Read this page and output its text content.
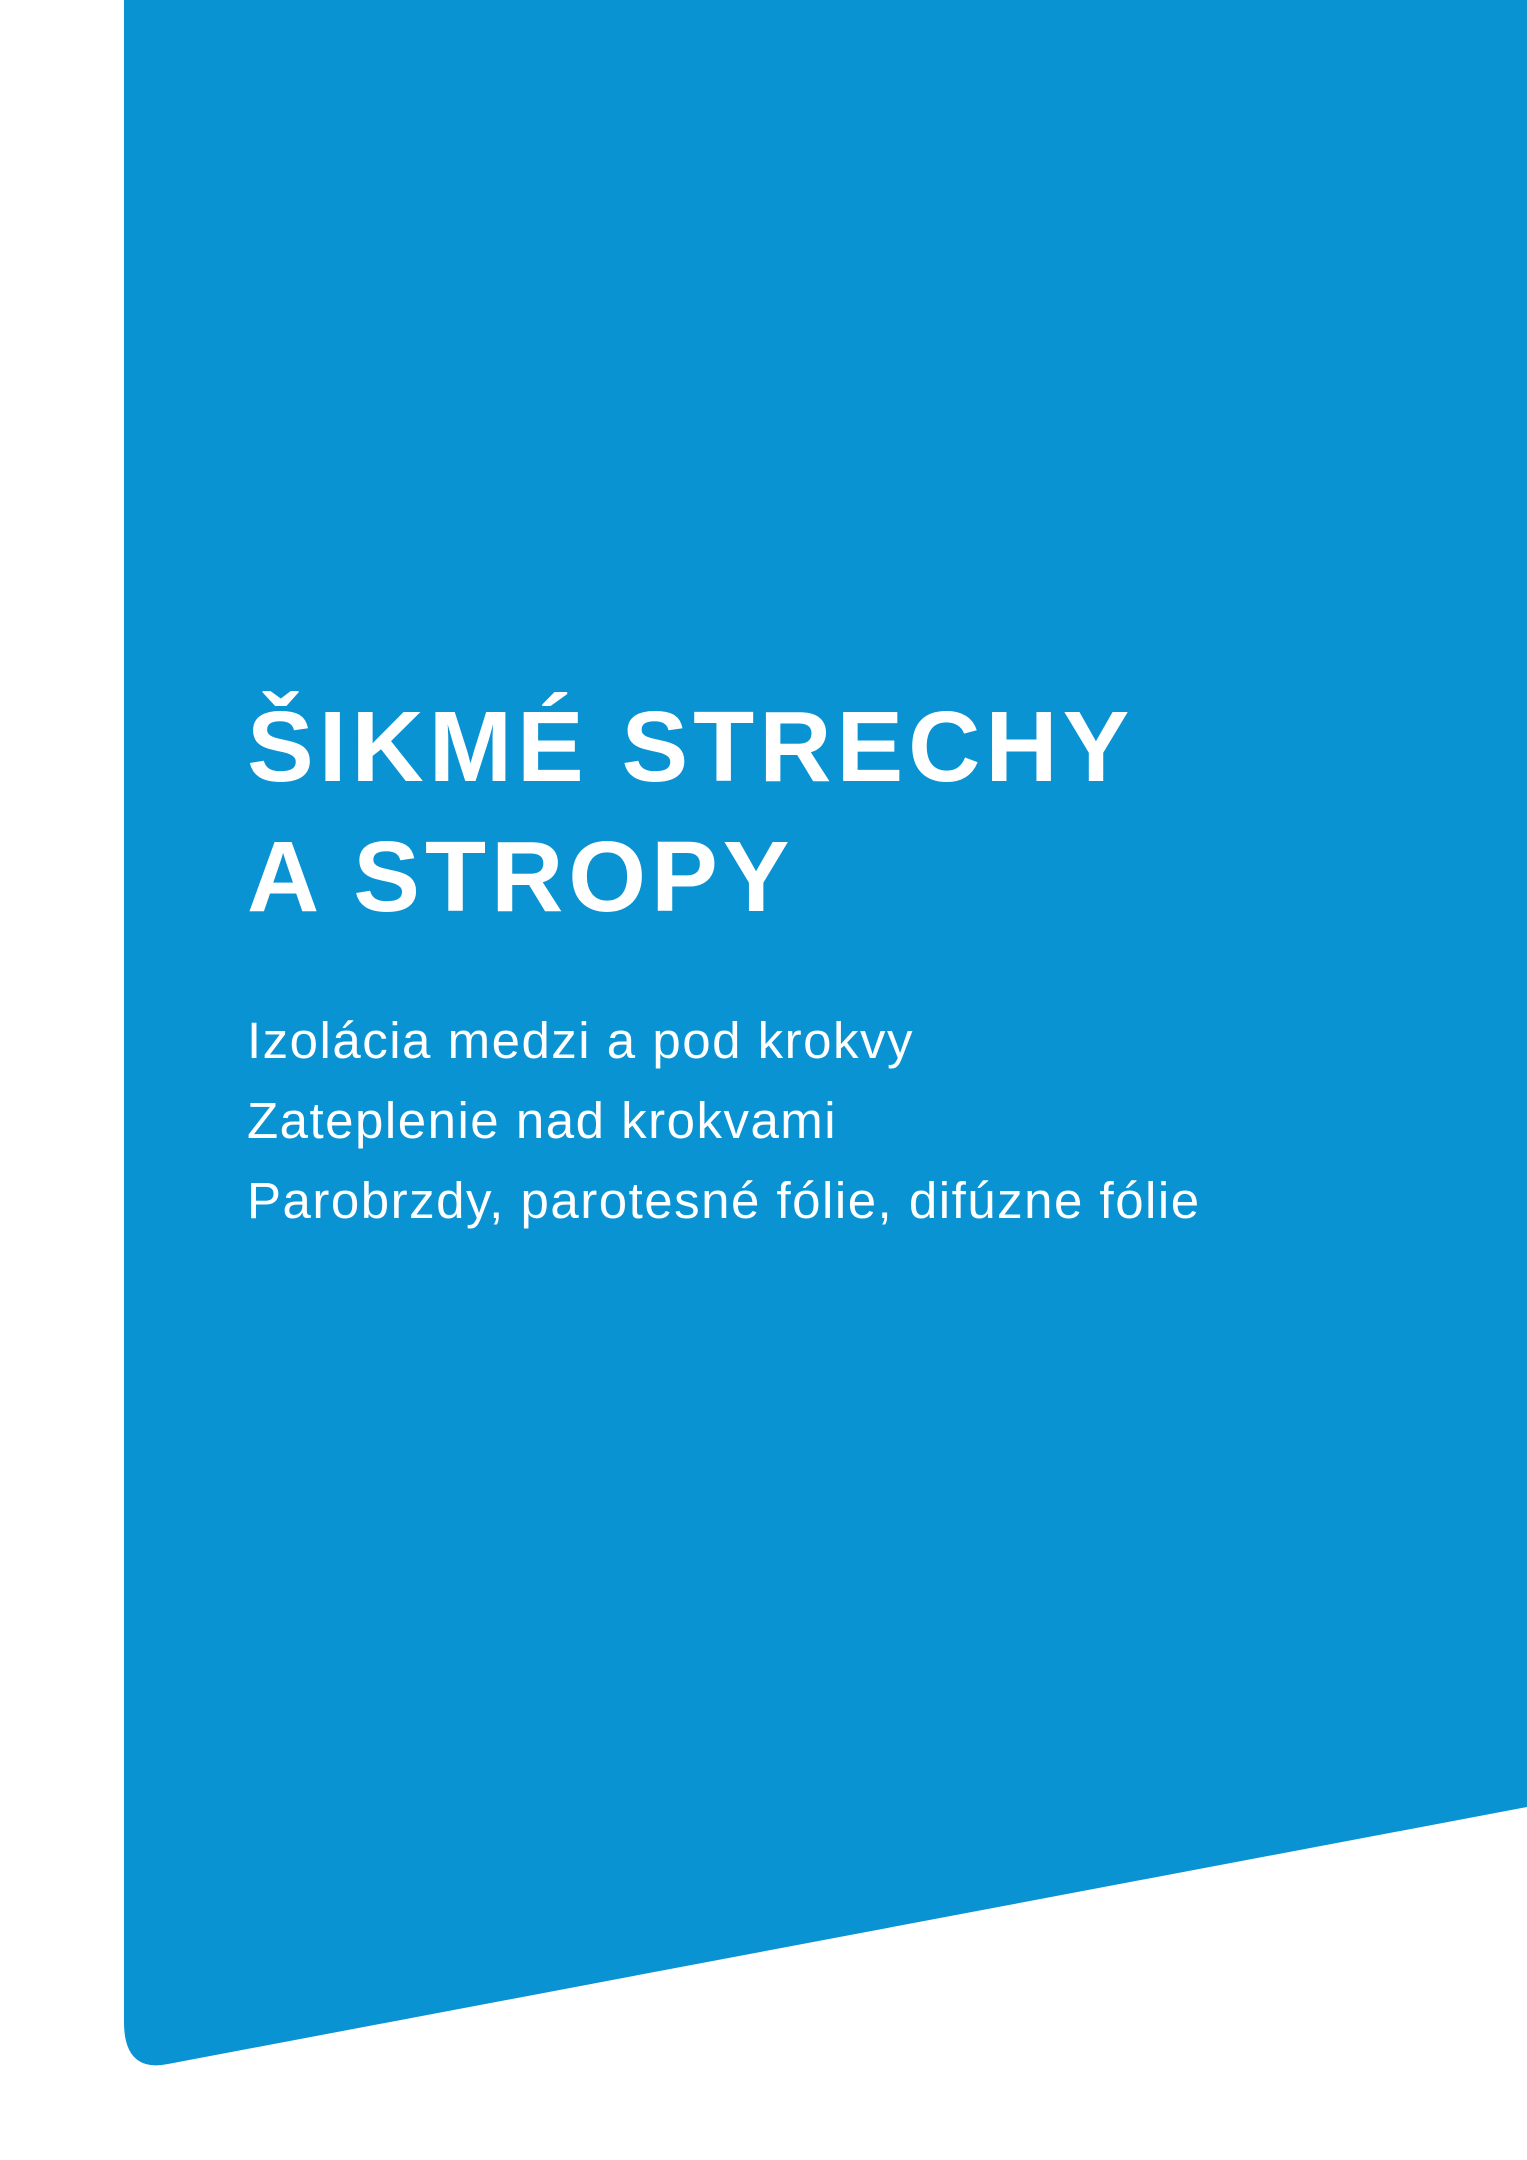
ŠIKMÉ STRECHY
A STROPY
Izolácia medzi a pod krokvy
Zateplenie nad krokvami
Parobrzdy, parotesné fólie, difúzne fólie
